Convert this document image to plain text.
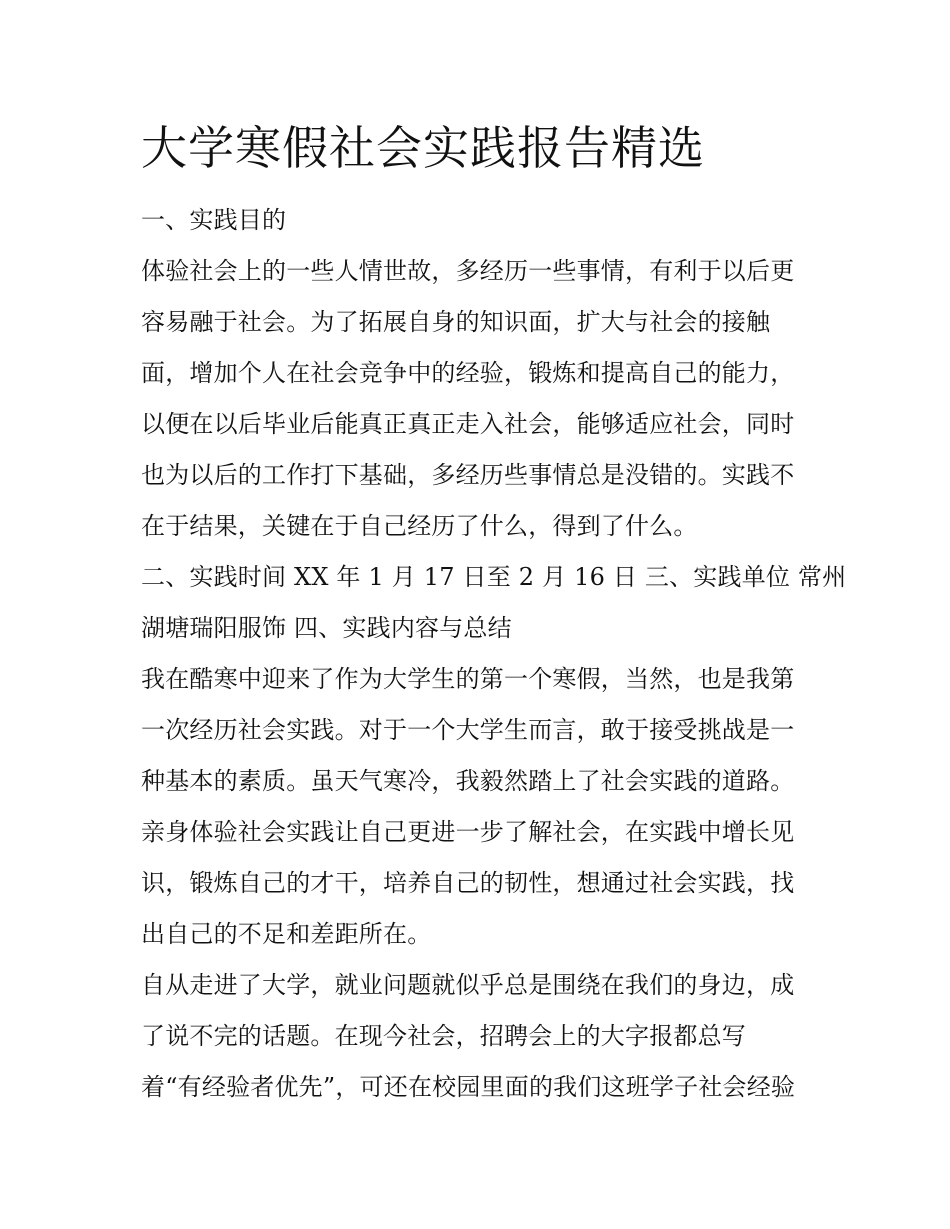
大学寒假社会实践报告精选
一、实践目的
体验社会上的一些人情世故，多经历一些事情，有利于以后更
容易融于社会。为了拓展自身的知识面，扩大与社会的接触
面，增加个人在社会竞争中的经验，锻炼和提高自己的能力，
以便在以后毕业后能真正真正走入社会，能够适应社会，同时
也为以后的工作打下基础，多经历些事情总是没错的。实践不
在于结果，关键在于自己经历了什么，得到了什么。
二、实践时间 XX 年 1 月 17 日至 2 月 16 日 三、实践单位 常州
湖塘瑞阳服饰 四、实践内容与总结
我在酷寒中迎来了作为大学生的第一个寒假，当然，也是我第
一次经历社会实践。对于一个大学生而言，敢于接受挑战是一
种基本的素质。虽天气寒冷，我毅然踏上了社会实践的道路。
亲身体验社会实践让自己更进一步了解社会，在实践中增长见
识，锻炼自己的才干，培养自己的韧性，想通过社会实践，找
出自己的不足和差距所在。
自从走进了大学，就业问题就似乎总是围绕在我们的身边，成
了说不完的话题。在现今社会，招聘会上的大字报都总写
着“有经验者优先”，可还在校园里面的我们这班学子社会经验
